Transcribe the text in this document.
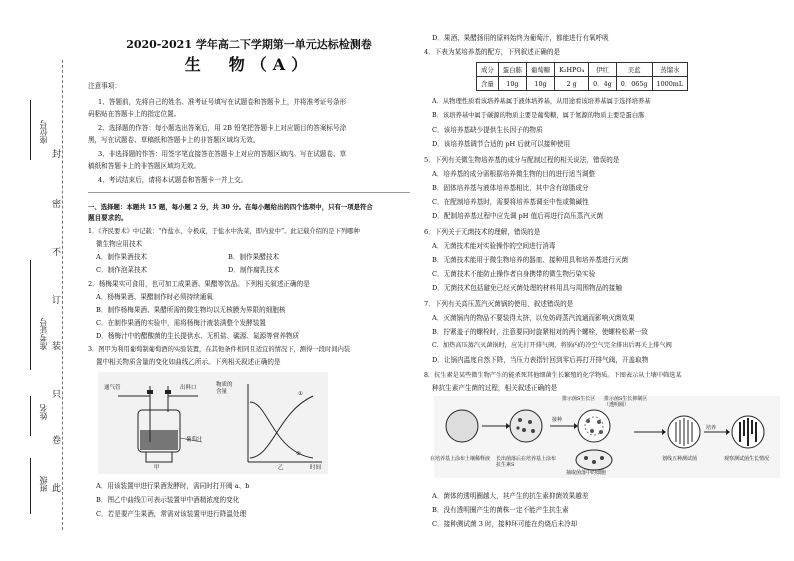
封
密
不
订
装
只
卷
此
座位号
准考证号
姓名
班级
2020-2021 学年高二下学期第一单元达标检测卷
生　物（A）
注意事项：
1、答题前，先将自己的姓名、准考证号填写在试题卷和答题卡上，并将准考证号条形
码粘贴在答题卡上的指定位置。
2、选择题的作答：每小题选出答案后，用 2B 铅笔把答题卡上对应题目的答案标号涂
黑，写在试题卷、草稿纸和答题卡上的非答题区域均无效。
3、非选择题的作答：用签字笔直接答在答题卡上对应的答题区域内。写在试题卷、草
稿纸和答题卡上的非答题区域均无效。
4、考试结束后，请将本试题卷和答题卡一并上交。
一、选择题：本题共 15 题，每小题 2 分，共 30 分。在每小题给出的四个选项中，只有一项是符合
题目要求的。
1．《齐民要术》中记载：“作盐水，令极咸，于盐水中洗菜，即内瓮中”。此记载介绍的是下列哪种
微生物应用技术
A．制作果酒技术	B．制作果醋技术
C．制作泡菜技术	D．制作腐乳技术
2．杨梅果实可食用，也可加工成果酒、果醋等饮品。下列相关叙述正确的是
A．杨梅果酒、果醋制作时必须持续通氧
B．制作杨梅果酒、果醋所需的微生物均以无核膜为界限的细胞核
C．在制作果酒的实验中，需将杨梅汁液装满整个发酵装置
D．杨梅汁中的醋酸菌的生长提供水、无机盐、碳源、氮源等营养物质
3．图甲为利用葡萄制葡萄酒的实验装置，在其他条件相同且适宜的情况下，测得一段时间内装
置中相关物质含量的变化如曲线乙所示。下列相关叙述正确的是
通气管	出料口
葡萄汁
甲
物质的含量
时间
乙
①
②
A．用该装置甲进行果酒发酵时，需同时打开阀 a、b
B．图乙中曲线①可表示装置甲中酒精浓度的变化
C．若是要产生果酒，常需对该装置甲进行降温处理
D．果酒、果醋扬用的原料始终为葡萄汁，都能进行有氧呼吸
4．下表为某培养基的配方，下列叙述正确的是
成分	蛋白胨	葡萄糖	K₂HPO₄	伊红	美蓝	蒸馏水
含量	10g	10g	2 g	0．4g	0．065g	1000mL
A．从物理性质看该培养基属于液体培养基，从用途看该培养基属于选择培养基
B．该培养基中属于碳源的物质主要是葡萄糖，属于氮源的物质主要是蛋白胨
C．该培养基缺少提供生长因子的物质
D．该培养基调节合适的 pH 后就可以接种使用
5．下列有关微生物培养基的成分与配制过程的相关说法，错误的是
A．培养基的成分需根据培养微生物的目的进行适当调整
B．固体培养基与液体培养基相比，其中含有琼脂成分
C．在配制培养基时，需要将培养基调至中性或微碱性
D．配制培养基过程中应先调 pH 值后再进行高压蒸汽灭菌
6．下列关于无菌技术的理解，错误的是
A．无菌技术能对实验操作的空间进行消毒
B．无菌技术能用于微生物培养的器皿、接种用具和培养基进行灭菌
C．无菌技术不能防止操作者自身携带的微生物污染实验
D．无菌技术包括避免已经灭菌处理的材料用具与周围物品的接触
7．下列有关高压蒸汽灭菌锅的使用，叙述错误的是
A．灭菌锅内的物品不要装得太挤，以免妨碍蒸汽流通而影响灭菌效果
B．拧紧盖子的螺栓时，注意要同时旋紧相对的两个螺栓，使螺栓松紧一致
C．加热高压蒸汽灭菌锅时，应先打开排气阀，将锅内的冷空气完全排出后再关上排气阀
D．让锅内温度自然下降，当压力表指针回到零后再打开排气阀，开盖取物
8．抗生素是某些微生物产生的能杀死其他细菌生长繁殖的化学物质。下图表示从土壤中筛选某
种抗生素产生菌的过程，相关叙述正确的是
在培养基上涂布土壤稀释液 长出菌落后在培养基上涂布抗生素S
抽取菌落中的细胞
划线五种测试菌	观察测试菌生长情况
排示菌S生长区	排示菌S生长抑制区（透明圈）
接种
培养
A．菌体的透明圈越大，其产生的抗生素抑菌效果越差
B．没有透明圈产生的菌株一定不能产生抗生素
C．接种测试菌 3 时，接种环可能在灼烧后未冷却
